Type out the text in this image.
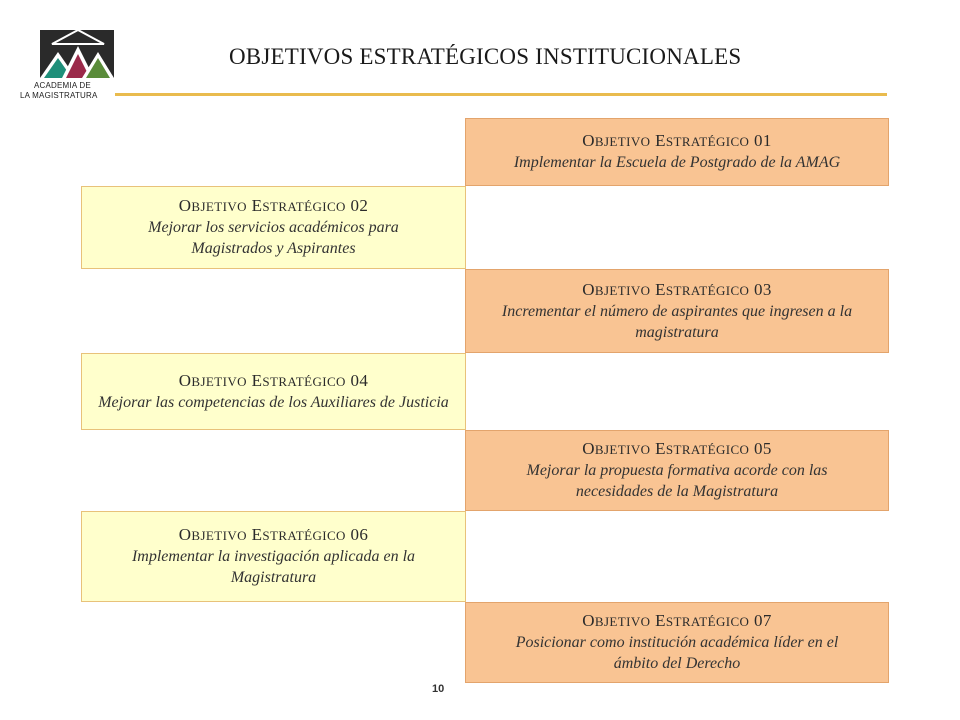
ACADEMIA DE
LA MAGISTRATURA
OBJETIVOS ESTRATÉGICOS INSTITUCIONALES
OBJETIVO ESTRATÉGICO 01
Implementar la Escuela de Postgrado de la AMAG
OBJETIVO ESTRATÉGICO 02
Mejorar los servicios académicos para Magistrados y Aspirantes
OBJETIVO ESTRATÉGICO 03
Incrementar el número de aspirantes que ingresen a la magistratura
OBJETIVO ESTRATÉGICO 04
Mejorar las competencias de los Auxiliares de Justicia
OBJETIVO ESTRATÉGICO 05
Mejorar la propuesta formativa acorde con las necesidades de la Magistratura
OBJETIVO ESTRATÉGICO 06
Implementar la investigación aplicada en la Magistratura
OBJETIVO ESTRATÉGICO 07
Posicionar como institución académica líder en el ámbito del Derecho
10
